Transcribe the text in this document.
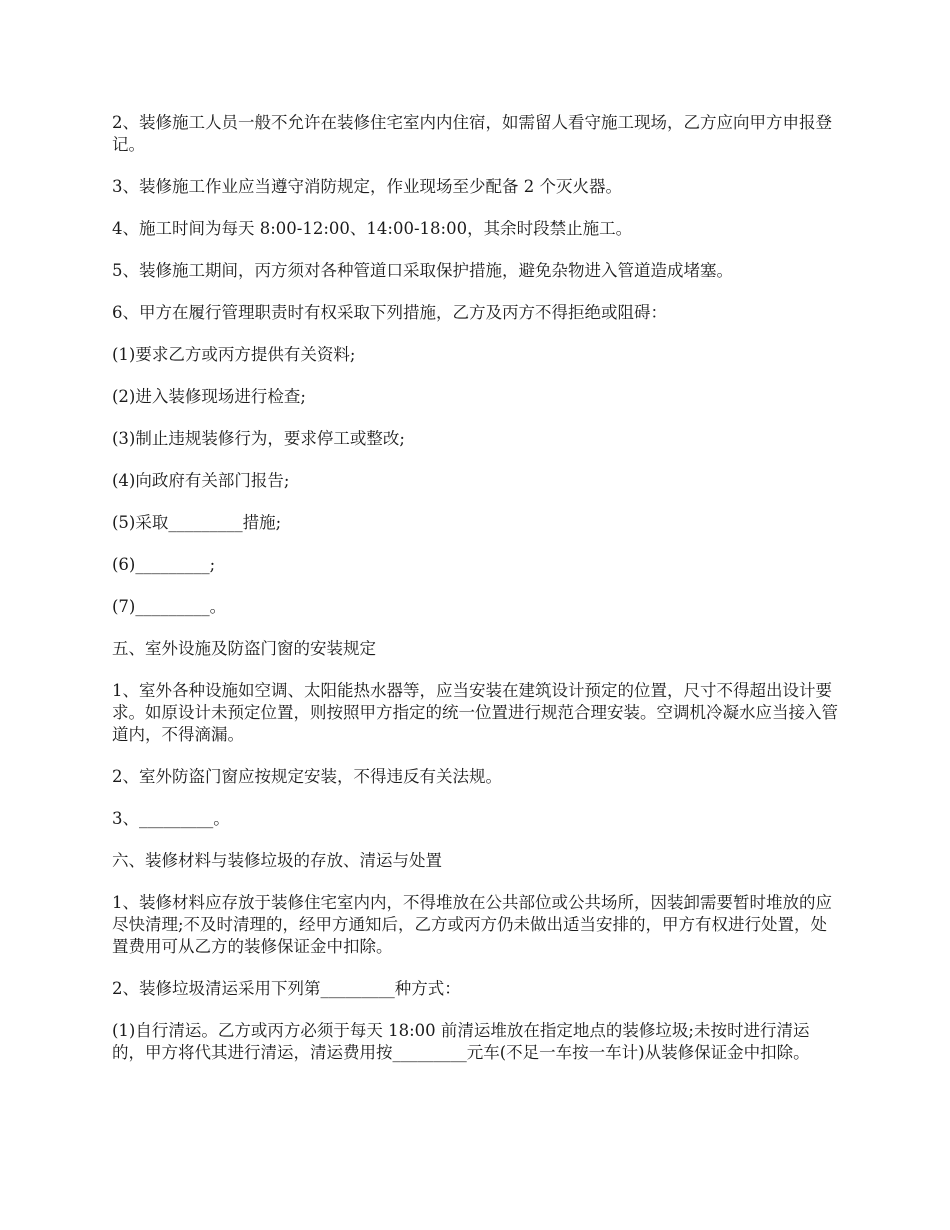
2、装修施工人员一般不允许在装修住宅室内内住宿，如需留人看守施工现场，乙方应向甲方申报登记。

3、装修施工作业应当遵守消防规定，作业现场至少配备 2 个灭火器。

4、施工时间为每天 8:00-12:00、14:00-18:00，其余时段禁止施工。

5、装修施工期间，丙方须对各种管道口采取保护措施，避免杂物进入管道造成堵塞。

6、甲方在履行管理职责时有权采取下列措施，乙方及丙方不得拒绝或阻碍：

(1)要求乙方或丙方提供有关资料;

(2)进入装修现场进行检查;

(3)制止违规装修行为，要求停工或整改;

(4)向政府有关部门报告;

(5)采取_________措施;

(6)_________;

(7)_________。

五、室外设施及防盗门窗的安装规定

1、室外各种设施如空调、太阳能热水器等，应当安装在建筑设计预定的位置，尺寸不得超出设计要求。如原设计未预定位置，则按照甲方指定的统一位置进行规范合理安装。空调机冷凝水应当接入管道内，不得滴漏。

2、室外防盗门窗应按规定安装，不得违反有关法规。

3、_________。

六、装修材料与装修垃圾的存放、清运与处置

1、装修材料应存放于装修住宅室内内，不得堆放在公共部位或公共场所，因装卸需要暂时堆放的应尽快清理;不及时清理的，经甲方通知后，乙方或丙方仍未做出适当安排的，甲方有权进行处置，处置费用可从乙方的装修保证金中扣除。

2、装修垃圾清运采用下列第_________种方式：

(1)自行清运。乙方或丙方必须于每天 18:00 前清运堆放在指定地点的装修垃圾;未按时进行清运的，甲方将代其进行清运，清运费用按_________元车(不足一车按一车计)从装修保证金中扣除。
